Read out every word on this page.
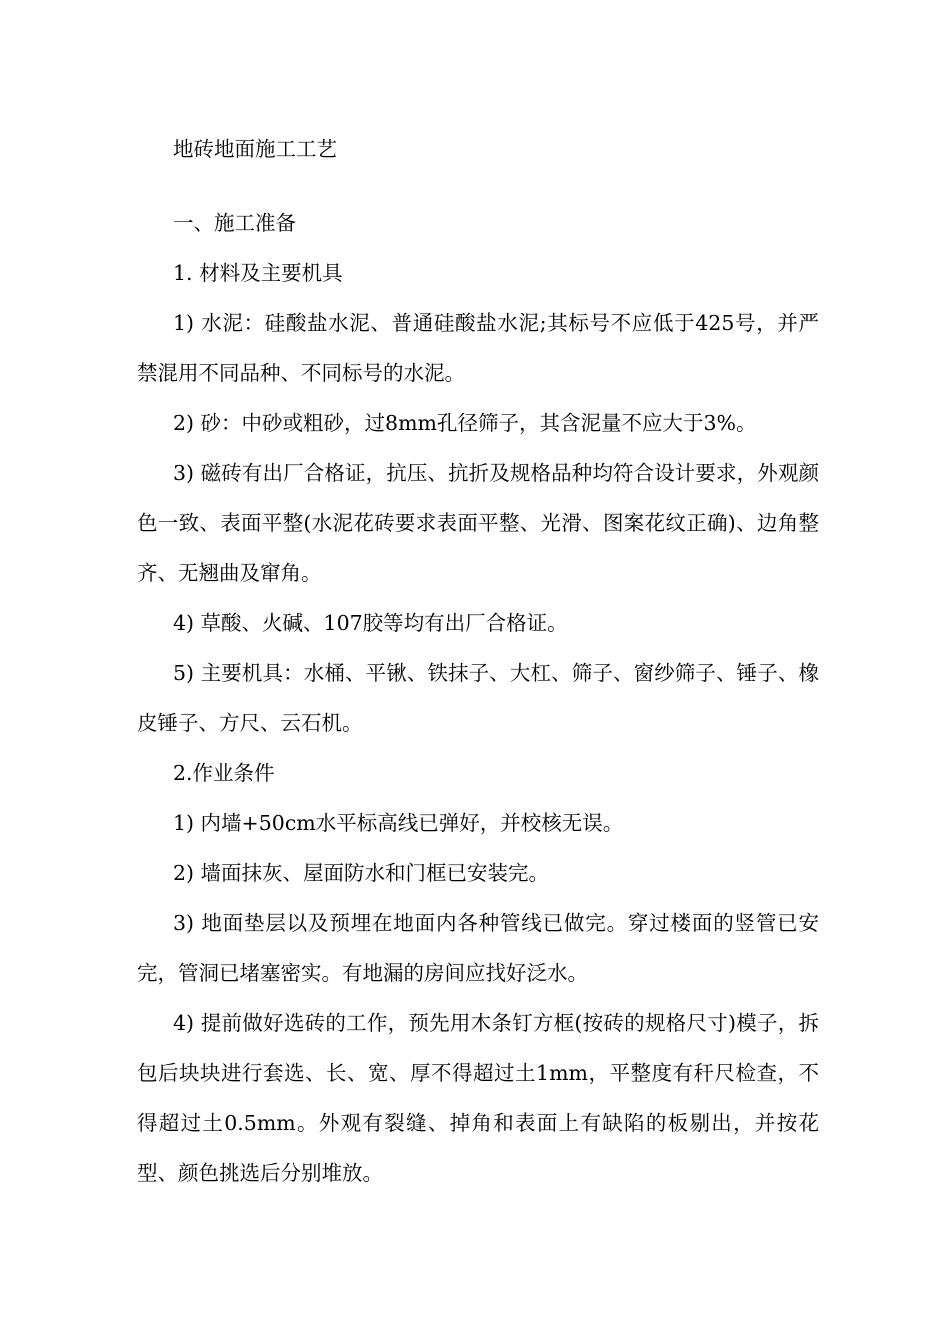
地砖地面施工工艺

一、施工准备

1. 材料及主要机具

1) 水泥：硅酸盐水泥、普通硅酸盐水泥;其标号不应低于425号，并严禁混用不同品种、不同标号的水泥。

2) 砂：中砂或粗砂，过8mm孔径筛子，其含泥量不应大于3%。

3) 磁砖有出厂合格证，抗压、抗折及规格品种均符合设计要求，外观颜色一致、表面平整(水泥花砖要求表面平整、光滑、图案花纹正确)、边角整齐、无翘曲及窜角。

4) 草酸、火碱、107胶等均有出厂合格证。

5) 主要机具：水桶、平锹、铁抹子、大杠、筛子、窗纱筛子、锤子、橡皮锤子、方尺、云石机。

2.作业条件

1) 内墙+50cm水平标高线已弹好，并校核无误。

2) 墙面抹灰、屋面防水和门框已安装完。

3) 地面垫层以及预埋在地面内各种管线已做完。穿过楼面的竖管已安完，管洞已堵塞密实。有地漏的房间应找好泛水。

4) 提前做好选砖的工作，预先用木条钉方框(按砖的规格尺寸)模子，拆包后块块进行套选、长、宽、厚不得超过土1mm，平整度有秆尺检查，不得超过土0.5mm。外观有裂缝、掉角和表面上有缺陷的板剔出，并按花型、颜色挑选后分别堆放。
